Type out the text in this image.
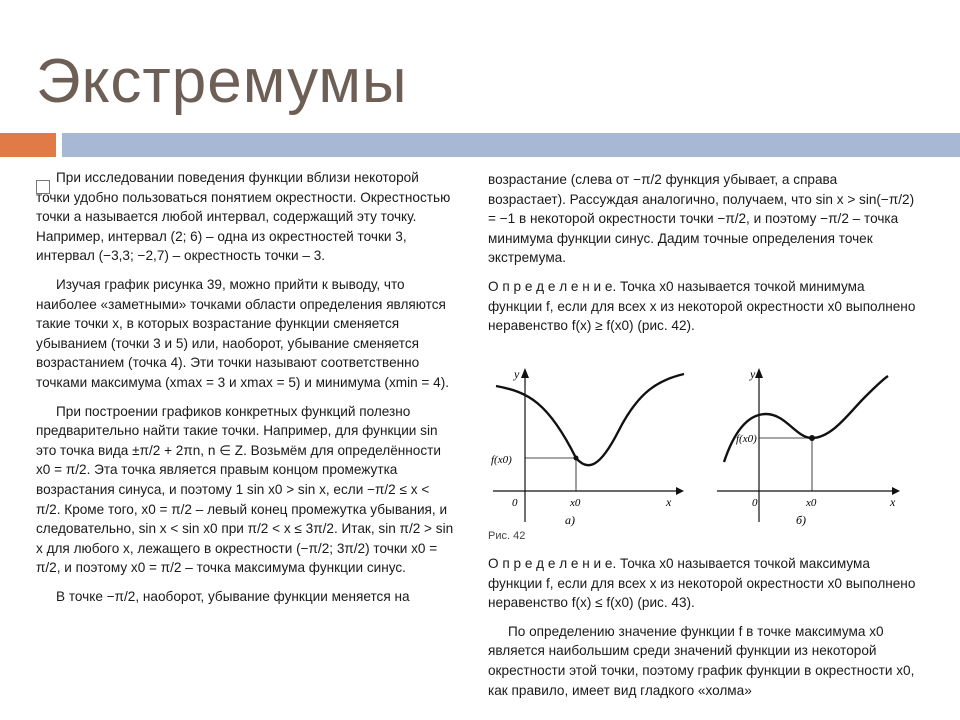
Экстремумы

При исследовании поведения функции вблизи некоторой точки удобно пользоваться понятием окрестности. Окрестностью точки a называется любой интервал, содержащий эту точку. Например, интервал (2; 6) – одна из окрестностей точки 3, интервал (−3,3; −2,7) – окрестность точки – 3.

Изучая график рисунка 39, можно прийти к выводу, что наиболее «заметными» точками области определения являются такие точки x, в которых возрастание функции сменяется убыванием (точки 3 и 5) или, наоборот, убывание сменяется возрастанием (точка 4). Эти точки называют соответственно точками максимума (xmax = 3 и xmax = 5) и минимума (xmin = 4).

При построении графиков конкретных функций полезно предварительно найти такие точки. Например, для функции sin это точка вида ±π/2 + 2πn, n ∈ Z. Возьмём для определённости x0 = π/2. Эта точка является правым концом промежутка возрастания синуса, и поэтому 1 sin x0 > sin x, если −π/2 ≤ x < π/2. Кроме того, x0 = π/2 – левый конец промежутка убывания, и следовательно, sin x < sin x0 при π/2 < x ≤ 3π/2. Итак, sin π/2 > sin x для любого x, лежащего в окрестности (−π/2; 3π/2) точки x0 = π/2, и поэтому x0 = π/2 – точка максимума функции синус.

В точке −π/2, наоборот, убывание функции меняется на

возрастание (слева от −π/2 функция убывает, а справа возрастает). Рассуждая аналогично, получаем, что sin x > sin(−π/2) = −1 в некоторой окрестности точки −π/2, и поэтому −π/2 – точка минимума функции синус. Дадим точные определения точек экстремума.

О п р е д е л е н и е. Точка x0 называется точкой минимума функции f, если для всех x из некоторой окрестности x0 выполнено неравенство f(x) ≥ f(x0) (рис. 42).

y
x
0
f(x0)
x0
а)
y
x
0
f(x0)
x0
б)
Рис. 42

О п р е д е л е н и е. Точка x0 называется точкой максимума функции f, если для всех x из некоторой окрестности x0 выполнено неравенство f(x) ≤ f(x0) (рис. 43).

По определению значение функции f в точке максимума x0 является наибольшим среди значений функции из некоторой окрестности этой точки, поэтому график функции в окрестности x0, как правило, имеет вид гладкого «холма»
